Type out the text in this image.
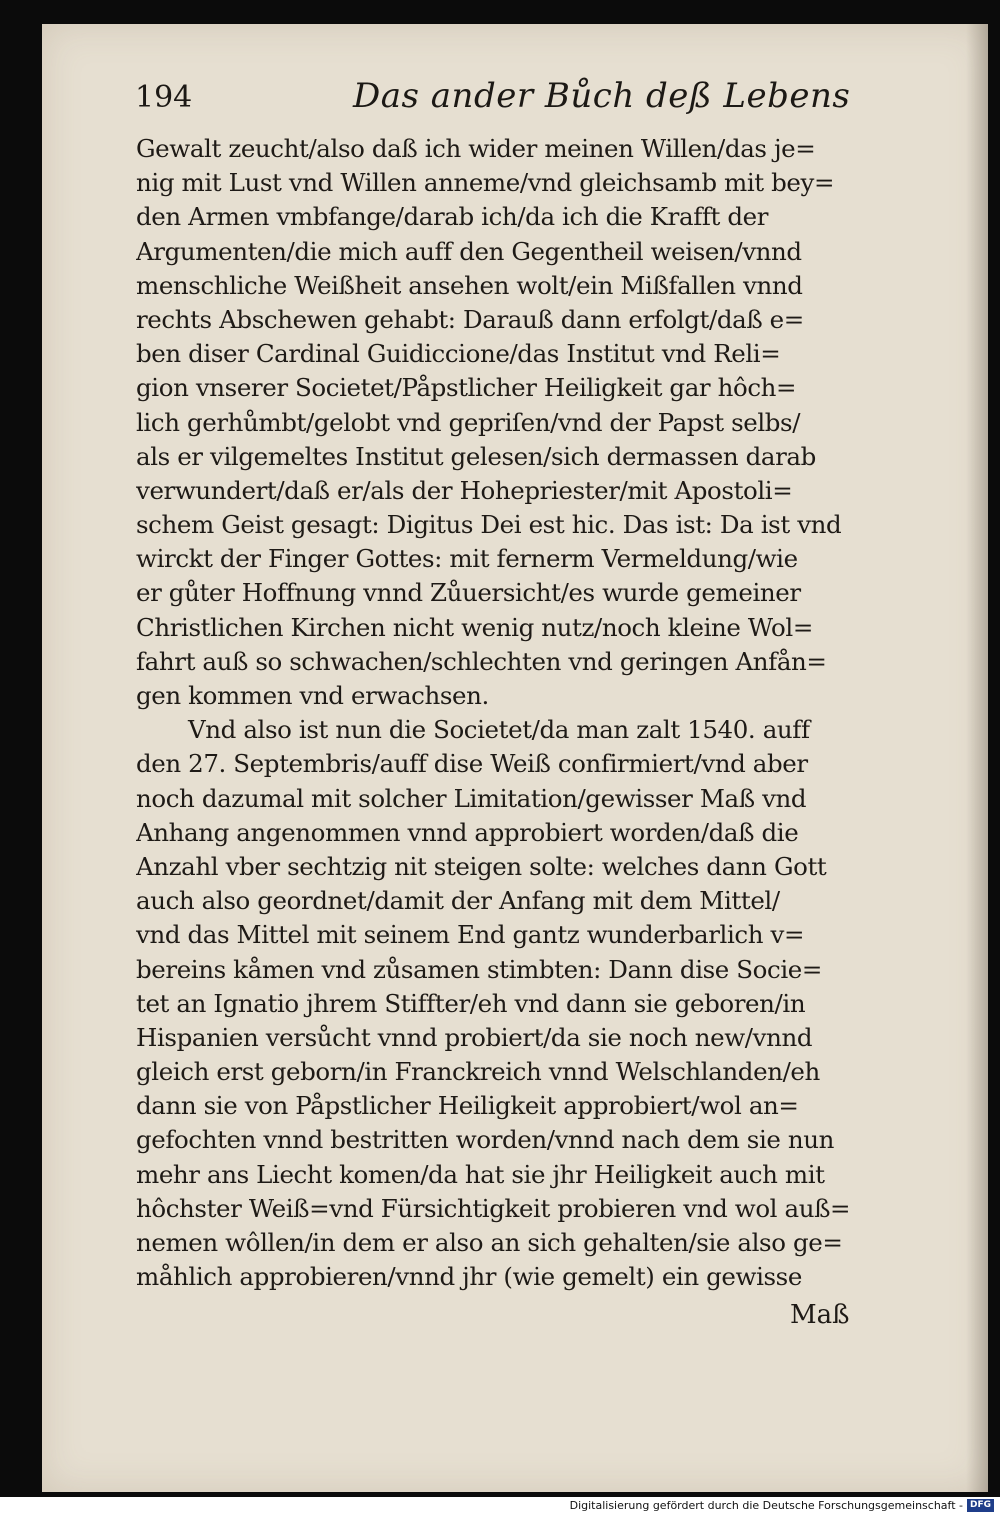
194	Das ander Bůch deß Lebens
Gewalt zeucht/also daß ich wider meinen Willen/das je=
nig mit Lust vnd Willen anneme/vnd gleichsamb mit bey=
den Armen vmbfange/darab ich/da ich die Krafft der
Argumenten/die mich auff den Gegentheil weisen/vnnd
menschliche Weißheit ansehen wolt/ein Mißfallen vnnd
rechts Abschewen gehabt: Darauß dann erfolgt/daß e=
ben diser Cardinal Guidiccione/das Institut vnd Reli=
gion vnserer Societet/Påpstlicher Heiligkeit gar hôch=
lich gerhůmbt/gelobt vnd gepriſen/vnd der Papst selbs/
als er vilgemeltes Institut gelesen/sich dermassen darab
verwundert/daß er/als der Hohepriester/mit Apostoli=
schem Geist gesagt: Digitus Dei est hic. Das ist: Da ist vnd
wirckt der Finger Gottes: mit fernerm Vermeldung/wie
er gůter Hoffnung vnnd Zůuersicht/es wurde gemeiner
Christlichen Kirchen nicht wenig nutz/noch kleine Wol=
fahrt auß so schwachen/schlechten vnd geringen Anfån=
gen kommen vnd erwachsen.
Vnd also ist nun die Societet/da man zalt 1540. auff
den 27. Septembris/auff dise Weiß confirmiert/vnd aber
noch dazumal mit solcher Limitation/gewisser Maß vnd
Anhang angenommen vnnd approbiert worden/daß die
Anzahl vber sechtzig nit steigen solte: welches dann Gott
auch also geordnet/damit der Anfang mit dem Mittel/
vnd das Mittel mit seinem End gantz wunderbarlich v=
bereins kåmen vnd zůsamen stimbten: Dann dise Socie=
tet an Ignatio jhrem Stiffter/eh vnd dann sie geboren/in
Hispanien versůcht vnnd probiert/da sie noch new/vnnd
gleich erst geborn/in Franckreich vnnd Welschlanden/eh
dann sie von Påpstlicher Heiligkeit approbiert/wol an=
gefochten vnnd bestritten worden/vnnd nach dem sie nun
mehr ans Liecht komen/da hat sie jhr Heiligkeit auch mit
hôchster Weiß=vnd Fürsichtigkeit probieren vnd wol auß=
nemen wôllen/in dem er also an sich gehalten/sie also ge=
måhlich approbieren/vnnd jhr (wie gemelt) ein gewisse
Maß
Digitalisierung gefördert durch die Deutsche Forschungsgemeinschaft - DFG
